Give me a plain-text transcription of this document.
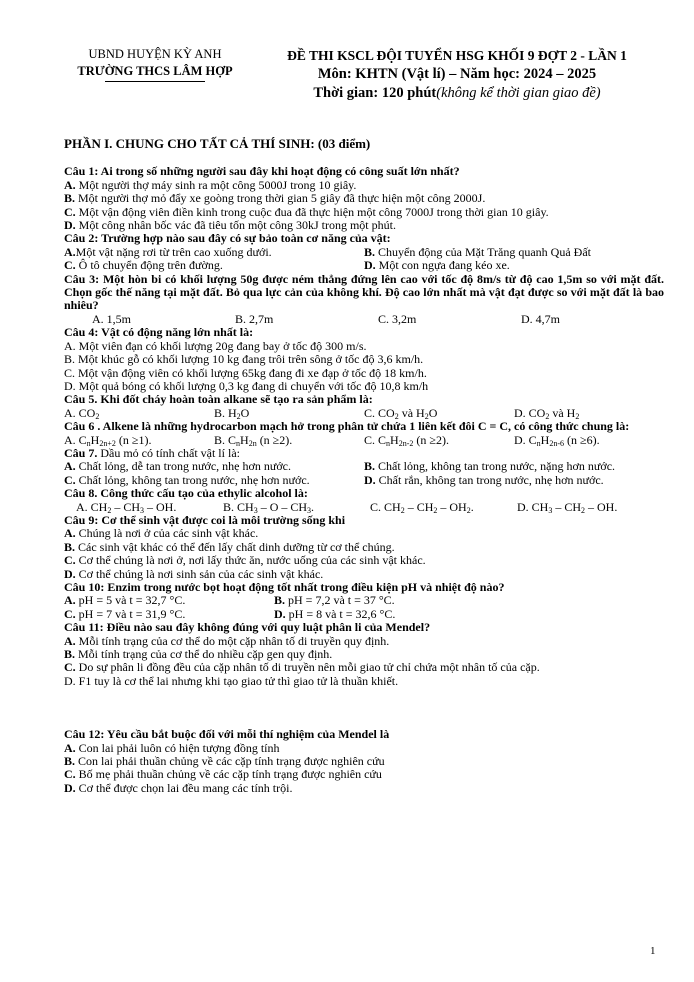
UBND HUYỆN KỲ ANH
TRƯỜNG THCS LÂM HỢP
ĐỀ THI KSCL ĐỘI TUYỂN HSG KHỐI 9 ĐỢT 2 - LẦN 1
Môn: KHTN (Vật lí) – Năm học: 2024 – 2025
Thời gian: 120 phút(không kể thời gian giao đề)
PHẦN I. CHUNG CHO TẤT CẢ THÍ SINH: (03 điểm)
Câu 1: Ai trong số những người sau đây khi hoạt động có công suất lớn nhất?
A. Một người thợ máy sinh ra một công 5000J trong 10 giây.
B. Một người thợ mỏ đẩy xe goòng trong thời gian 5 giây đã thực hiện một công 2000J.
C. Một vận động viên điền kinh trong cuộc đua đã thực hiện một công 7000J trong thời gian 10 giây.
D. Một công nhân bốc vác đã tiêu tốn một công 30kJ trong một phút.
Câu 2: Trường hợp nào sau đây có sự bảo toàn cơ năng của vật:
A.Một vật nặng rơi từ trên cao xuống dưới.	B. Chuyển động của Mặt Trăng quanh Quả Đất
C. Ô tô chuyển động trên đường.	D. Một con ngựa đang kéo xe.
Câu 3: Một hòn bi có khối lượng 50g được ném thẳng đứng lên cao với tốc độ 8m/s từ độ cao 1,5m so với mặt đất. Chọn gốc thế năng tại mặt đất. Bỏ qua lực cản của không khí. Độ cao lớn nhất mà vật đạt được so với mặt đất là bao nhiêu?
A. 1,5m	B. 2,7m	C. 3,2m	D. 4,7m
Câu 4: Vật có động năng lớn nhất là:
A. Một viên đạn có khối lượng 20g đang bay ở tốc độ 300 m/s.
B. Một khúc gỗ có khối lượng 10 kg đang trôi trên sông ở tốc độ 3,6 km/h.
C. Một vận động viên có khối lượng 65kg đang đi xe đạp ở tốc độ 18 km/h.
D. Một quả bóng có khối lượng 0,3 kg đang di chuyển với tốc độ 10,8 km/h
Câu 5. Khi đốt cháy hoàn toàn alkane sẽ tạo ra sản phẩm là:
A. $CO_2$	B. $H_2O$	C. $CO_2$ và $H_2O$	D. $CO_2$ và $H_2$
Câu 6 . Alkene là những hydrocarbon mạch hở trong phân tử chứa 1 liên kết đôi C = C, có công thức chung là:
A. $C_nH_{2n+2}$ (n ≥1).	B. $C_nH_{2n}$ (n ≥2).	C. $C_nH_{2n-2}$ (n ≥2).	D. $C_nH_{2n-6}$ (n ≥6).
Câu 7. Dầu mỏ có tính chất vật lí là:
A. Chất lỏng, dễ tan trong nước, nhẹ hơn nước.	B. Chất lỏng, không tan trong nước, nặng hơn nước.
C. Chất lỏng, không tan trong nước, nhẹ hơn nước.	D. Chất rắn, không tan trong nước, nhẹ hơn nước.
Câu 8. Công thức cấu tạo của ethylic alcohol là:
A. $CH_2 - CH_3$ – OH.	B. $CH_3$ – O – $CH_3$.	C. $CH_2 - CH_2 - OH_2$.	D. $CH_3 - CH_2$ – OH.
Câu 9: Cơ thể sinh vật được coi là môi trường sống khi
A. Chúng là nơi ở của các sinh vật khác.
B. Các sinh vật khác có thể đến lấy chất dinh dưỡng từ cơ thể chúng.
C. Cơ thể chúng là nơi ở, nơi lấy thức ăn, nước uống của các sinh vật khác.
D. Cơ thể chúng là nơi sinh sản của các sinh vật khác.
Câu 10: Enzim trong nước bọt hoạt động tốt nhất trong điều kiện pH và nhiệt độ nào?
A. pH = 5 và t = 32,7 °C.	B. pH = 7,2 và t = 37 °C.
C. pH = 7 và t = 31,9 °C.	D. pH = 8 và t = 32,6 °C.
Câu 11: Điều nào sau đây không đúng với quy luật phân li của Mendel?
A. Mỗi tính trạng của cơ thể do một cặp nhân tố di truyền quy định.
B. Mỗi tính trạng của cơ thể do nhiều cặp gen quy định.
C. Do sự phân li đồng đều của cặp nhân tố di truyền nên mỗi giao tử chỉ chứa một nhân tố của cặp.
D. F1 tuy là cơ thể lai nhưng khi tạo giao tử thì giao tử là thuần khiết.
Câu 12: Yêu cầu bắt buộc đối với mỗi thí nghiệm của Mendel là
A. Con lai phải luôn có hiện tượng đồng tính
B. Con lai phải thuần chủng về các cặp tính trạng được nghiên cứu
C. Bố mẹ phải thuần chủng về các cặp tính trạng được nghiên cứu
D. Cơ thể được chọn lai đều mang các tính trội.
1
